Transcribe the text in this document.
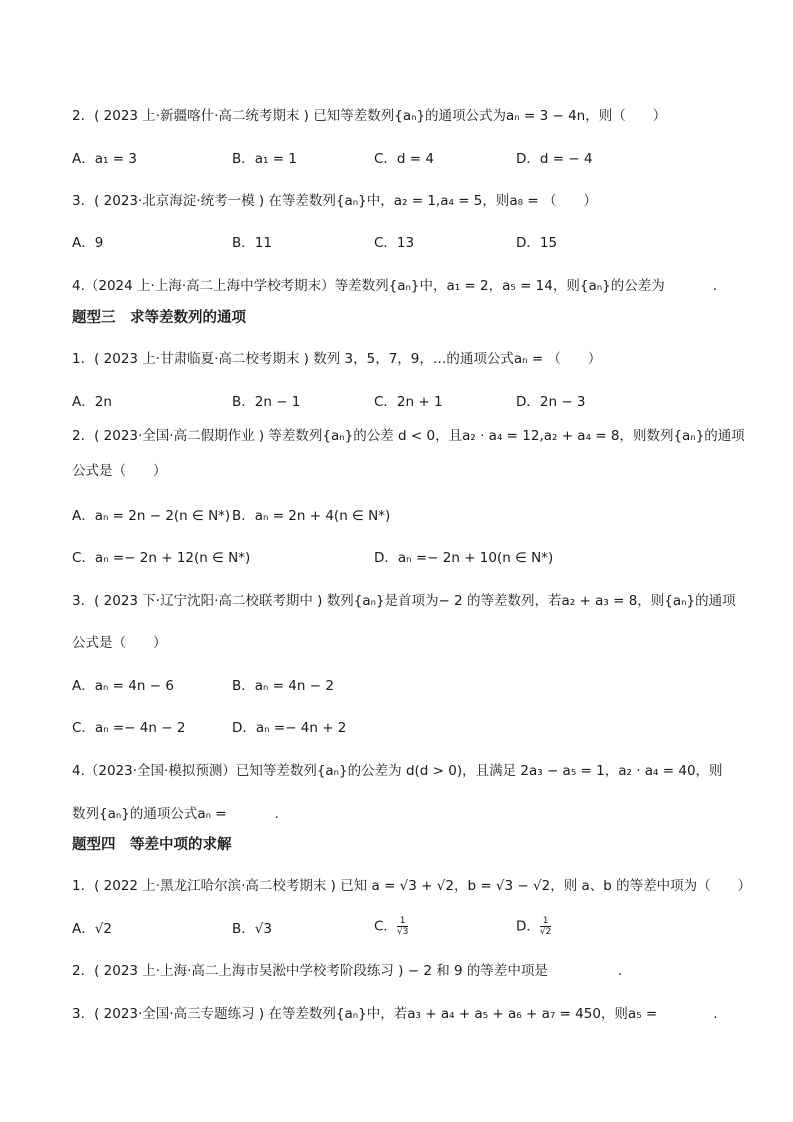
2．( 2023 上·新疆喀什·高二统考期末 ) 已知等差数列{aₙ}的通项公式为aₙ = 3 − 4n，则（　　）
A．a₁ = 3	B．a₁ = 1	C．d = 4	D．d = − 4
3．( 2023·北京海淀·统考一模 ) 在等差数列{aₙ}中，a₂ = 1,a₄ = 5，则a₈ = （　　）
A．9	B．11	C．13	D．15
4.（2024 上·上海·高二上海中学校考期末）等差数列{aₙ}中，a₁ = 2，a₅ = 14，则{aₙ}的公差为	.
题型三　求等差数列的通项
1．( 2023 上·甘肃临夏·高二校考期末 ) 数列 3，5，7，9，…的通项公式aₙ = （　　）
A．2n	B．2n − 1	C．2n + 1	D．2n − 3
2．( 2023·全国·高二假期作业 ) 等差数列{aₙ}的公差 d < 0，且a₂ · a₄ = 12,a₂ + a₄ = 8，则数列{aₙ}的通项
公式是（　　）
A．aₙ = 2n − 2(n ∈ N*) B．aₙ = 2n + 4(n ∈ N*)
C．aₙ =− 2n + 12(n ∈ N*)	D．aₙ =− 2n + 10(n ∈ N*)
3．( 2023 下·辽宁沈阳·高二校联考期中 ) 数列{aₙ}是首项为− 2 的等差数列，若a₂ + a₃ = 8，则{aₙ}的通项
公式是（　　）
A．aₙ = 4n − 6	B．aₙ = 4n − 2
C．aₙ =− 4n − 2	D．aₙ =− 4n + 2
4.（2023·全国·模拟预测）已知等差数列{aₙ}的公差为 d(d > 0)，且满足 2a₃ − a₅ = 1，a₂ · a₄ = 40，则
数列{aₙ}的通项公式aₙ =	.
题型四　等差中项的求解
1．( 2022 上·黑龙江哈尔滨·高二校考期末 ) 已知 a = √3 + √2，b = √3 − √2，则 a、b 的等差中项为（　　）
A．√2	B．√3	C． $\frac{1}{√3}$	D． $\frac{1}{√2}$
2．( 2023 上·上海·高二上海市吴淞中学校考阶段练习 ) − 2 和 9 的等差中项是	.
3．( 2023·全国·高三专题练习 ) 在等差数列{aₙ}中，若a₃ + a₄ + a₅ + a₆ + a₇ = 450，则a₅ =	.
